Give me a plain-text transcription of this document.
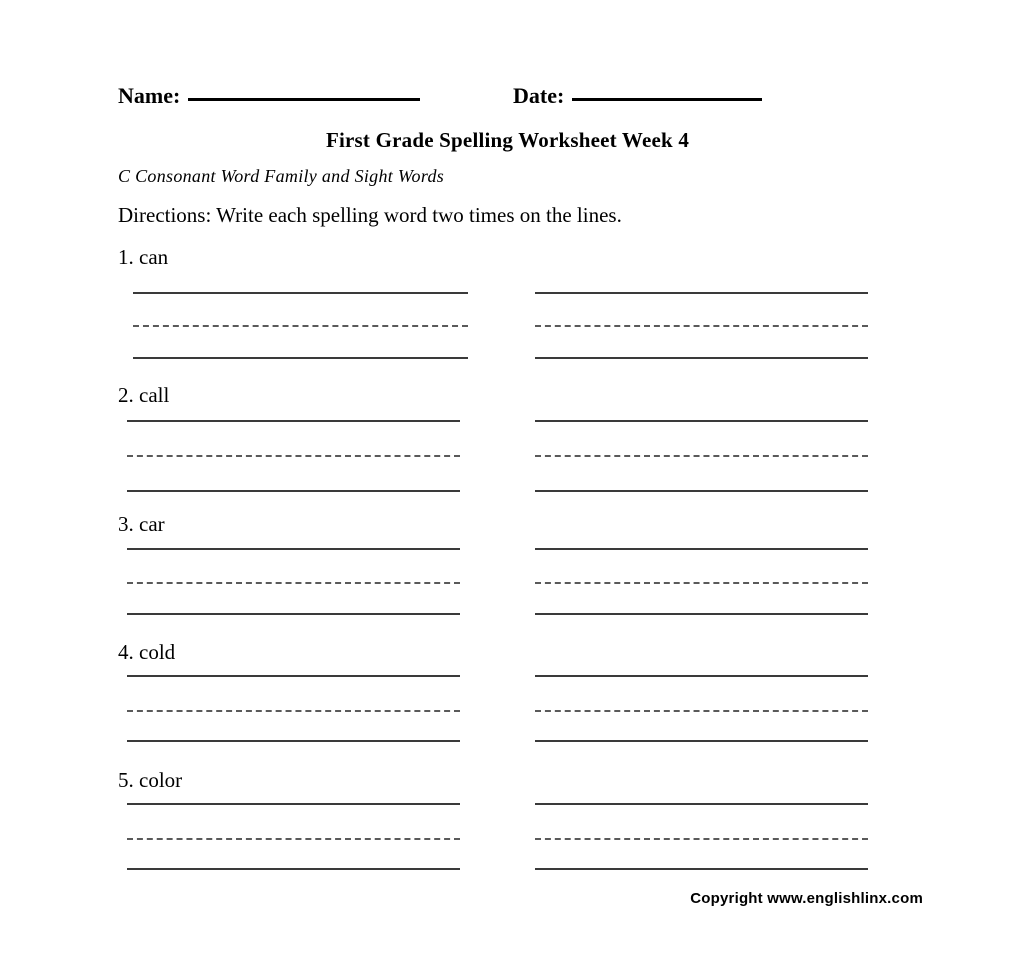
Name:	Date:
First Grade Spelling Worksheet Week 4
C Consonant Word Family and Sight Words
Directions: Write each spelling word two times on the lines.
1. can
2. call
3. car
4. cold
5. color
Copyright www.englishlinx.com
